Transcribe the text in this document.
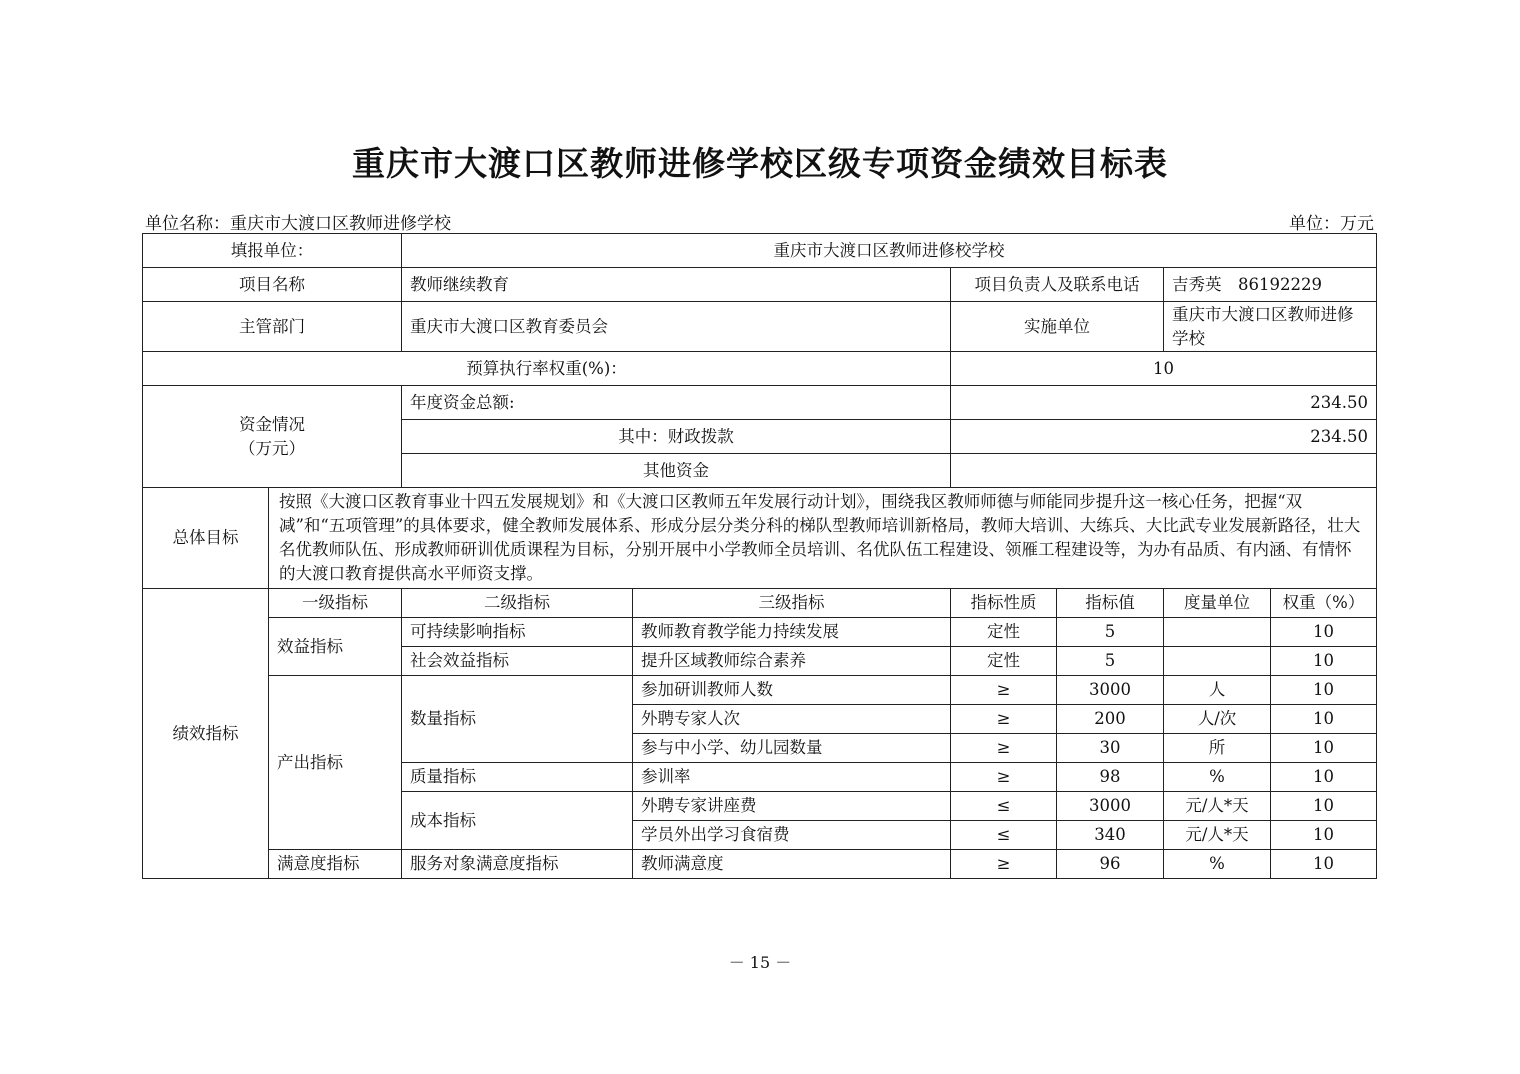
重庆市大渡口区教师进修学校区级专项资金绩效目标表
单位名称：重庆市大渡口区教师进修学校	单位：万元
填报单位：		重庆市大渡口区教师进修校学校					
项目名称		教师继续教育		项目负责人及联系电话		吉秀英　86192229	
主管部门		重庆市大渡口区教育委员会		实施单位		重庆市大渡口区教师进修学校	
预算执行率权重(%)：				10			

资金情况
（万元）		年度资金总额:		234.50			
		其中：财政拨款		234.50			
		其他资金					
总体目标	按照《大渡口区教育事业十四五发展规划》和《大渡口区教师五年发展行动计划》，围绕我区教师师德与师能同步提升这一核心任务，把握“双减”和“五项管理”的具体要求，健全教师发展体系、形成分层分类分科的梯队型教师培训新格局，教师大培训、大练兵、大比武专业发展新路径，壮大名优教师队伍、形成教师研训优质课程为目标，分别开展中小学教师全员培训、名优队伍工程建设、领雁工程建设等，为办有品质、有内涵、有情怀的大渡口教育提供高水平师资支撑。						
绩效指标	一级指标	二级指标	三级指标	指标性质	指标值	度量单位	权重（%）
	效益指标	可持续影响指标	教师教育教学能力持续发展	定性	5		10
		社会效益指标	提升区域教师综合素养	定性	5		10
	产出指标	数量指标	参加研训教师人数	≥	3000	人	10
			外聘专家人次	≥	200	人/次	10
			参与中小学、幼儿园数量	≥	30	所	10
		质量指标	参训率	≥	98	%	10
		成本指标	外聘专家讲座费	≤	3000	元/人*天	10
			学员外出学习食宿费	≤	340	元/人*天	10
	满意度指标	服务对象满意度指标	教师满意度	≥	96	%	10
－ 15 －
